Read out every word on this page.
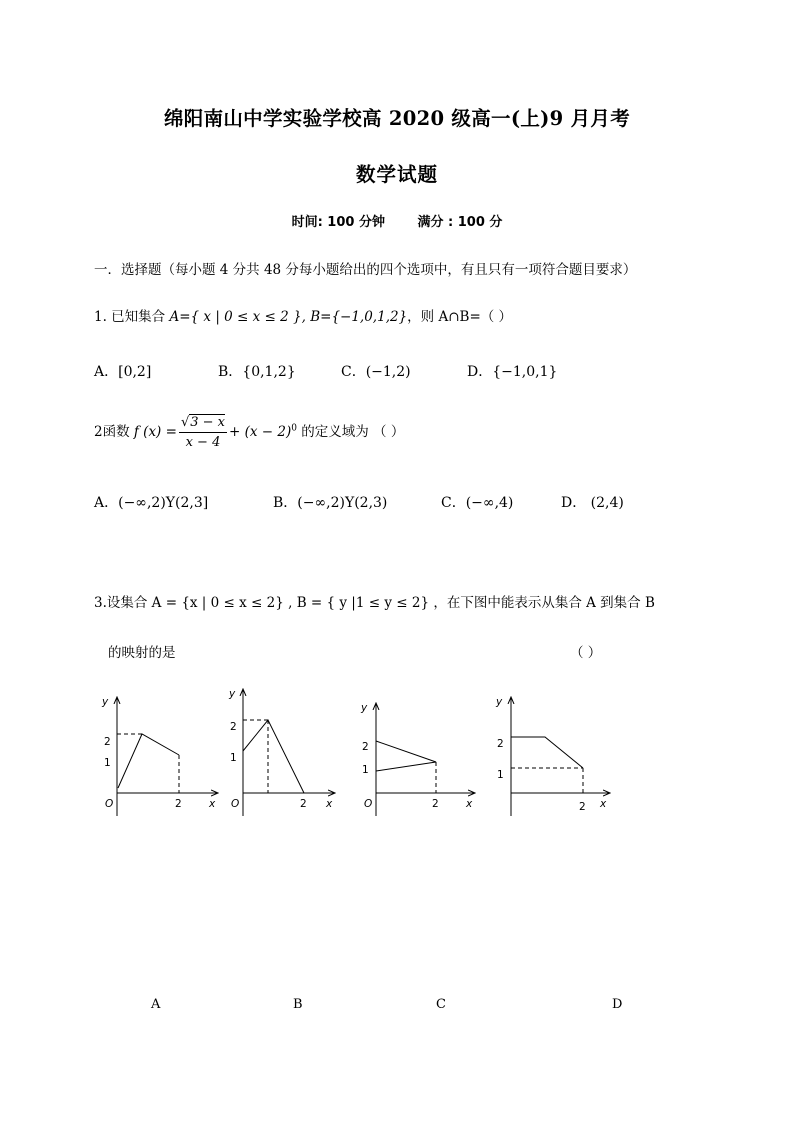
绵阳南山中学实验学校高 2020 级高一(上)9 月月考
数学试题
时间: 100 分钟	满分 : 100 分
一．选择题（每小题 4 分共 48 分每小题给出的四个选项中，有且只有一项符合题目要求）
1. 已知集合 A={ x | 0 ≤ x ≤ 2 }, B={−1,0,1,2}，则 A∩B=（ ）
A．[0,2]	B．{0,1,2}	C．(−1,2)	D．{−1,0,1}
2函数 f $(x) = \frac{√3 - x}{x - 4} + (x - 2)^0$ 的定义域为 （ ）
A．(−∞,2)Y(2,3]	B．(−∞,2)Y(2,3)	C．(−∞,4)	D． (2,4)
3.设集合 A = {x | 0 ≤ x ≤ 2} , B = { y |1 ≤ y ≤ 2} ，在下图中能表示从集合 A 到集合 B
的映射的是	（ ）
y
2
1
O	2	x
y
2
1
O	2 x
y
2
1
O	2	x
y
2
1
2 x
A	B	C	D
